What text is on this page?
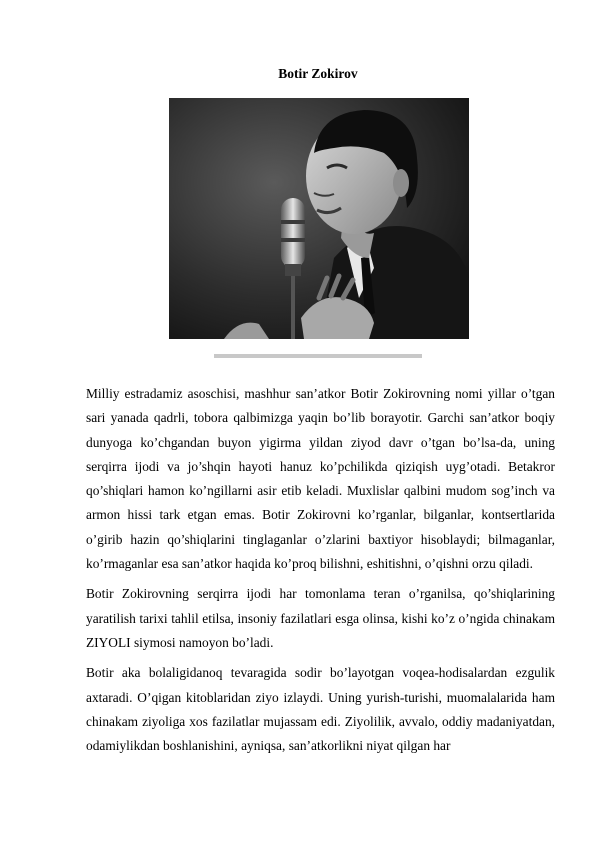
Botir Zokirov

Milliy estradamiz asoschisi, mashhur san’atkor Botir Zokirovning nomi yillar o’tgan sari yanada qadrli, tobora qalbimizga yaqin bo’lib borayotir. Garchi san’atkor boqiy dunyoga ko’chgandan buyon yigirma yildan ziyod davr o’tgan bo’lsa-da, uning serqirra ijodi va jo’shqin hayoti hanuz ko’pchilikda qiziqish uyg’otadi. Betakror qo’shiqlari hamon ko’ngillarni asir etib keladi. Muxlislar qalbini mudom sog’inch va armon hissi tark etgan emas. Botir Zokirovni ko’rganlar, bilganlar, kontsertlarida o’girib hazin qo’shiqlarini tinglaganlar o’zlarini baxtiyor hisoblaydi; bilmaganlar, ko’rmaganlar esa san’atkor haqida ko’proq bilishni, eshitishni, o’qishni orzu qiladi.

Botir Zokirovning serqirra ijodi har tomonlama teran o’rganilsa, qo’shiqlarining yaratilish tarixi tahlil etilsa, insoniy fazilatlari esga olinsa, kishi ko’z o’ngida chinakam ZIYOLI siymosi namoyon bo’ladi.

Botir aka bolaligidanoq tevaragida sodir bo’layotgan voqea-hodisalardan ezgulik axtaradi. O’qigan kitoblaridan ziyo izlaydi. Uning yurish-turishi, muomalalarida ham chinakam ziyoliga xos fazilatlar mujassam edi. Ziyolilik, avvalo, oddiy madaniyatdan, odamiylikdan boshlanishini, ayniqsa, san’atkorlikni niyat qilgan har
